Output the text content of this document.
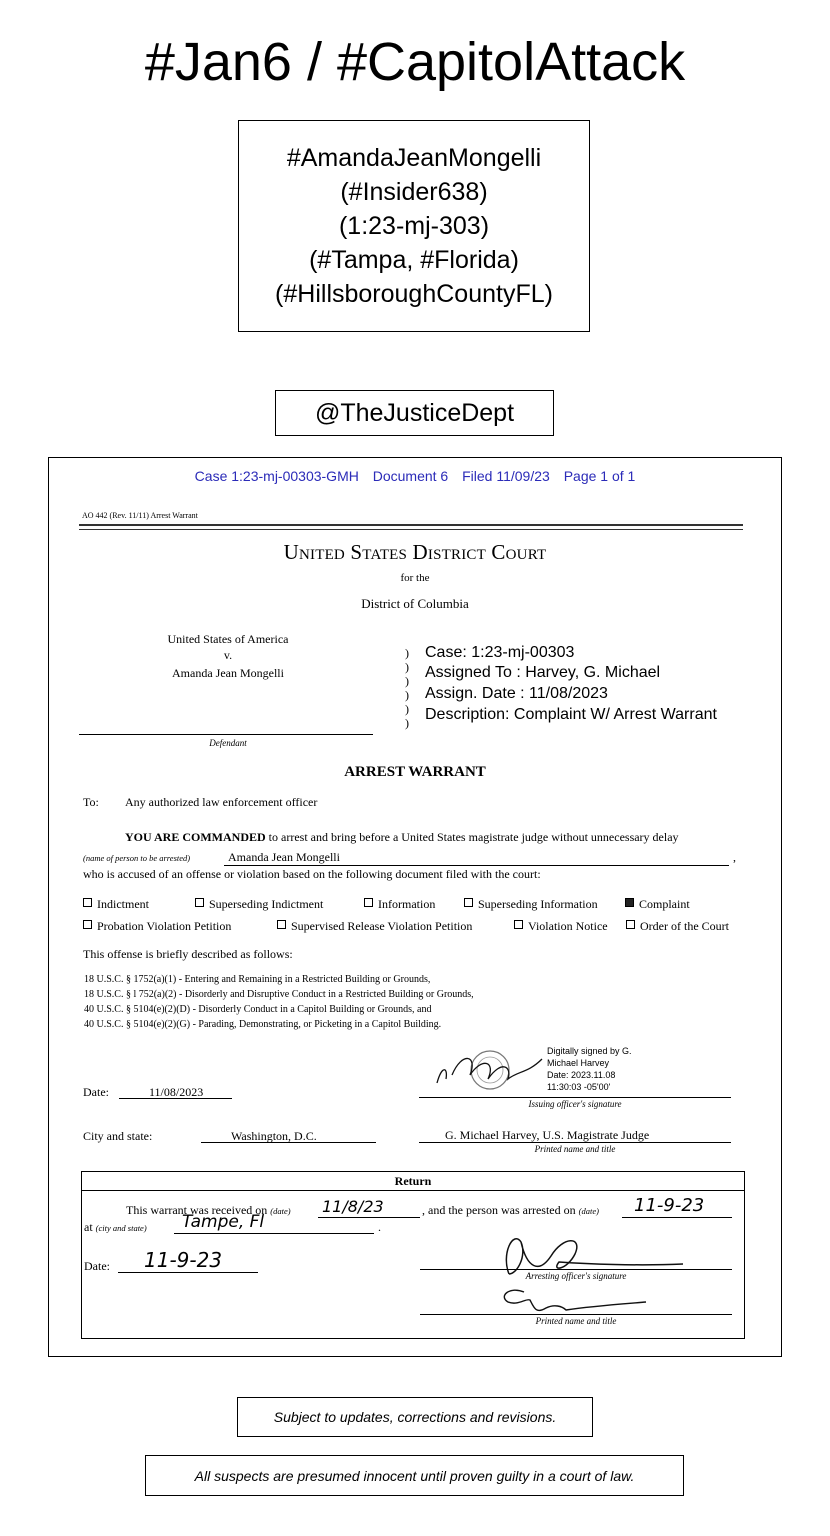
#Jan6 / #CapitolAttack
#AmandaJeanMongelli
(#Insider638)
(1:23-mj-303)
(#Tampa, #Florida)
(#HillsboroughCountyFL)
@TheJusticeDept
Case 1:23-mj-00303-GMH Document 6 Filed 11/09/23 Page 1 of 1
AO 442 (Rev. 11/11) Arrest Warrant
United States District Court
for the
District of Columbia
United States of America
v.
Amanda Jean Mongelli
Defendant
)
)
)
)
)
)
Case: 1:23-mj-00303
Assigned To : Harvey, G. Michael
Assign. Date : 11/08/2023
Description: Complaint W/ Arrest Warrant
ARREST WARRANT
To: Any authorized law enforcement officer
YOU ARE COMMANDED to arrest and bring before a United States magistrate judge without unnecessary delay
(name of person to be arrested)	Amanda Jean Mongelli	,
who is accused of an offense or violation based on the following document filed with the court:
Indictment	Superseding Indictment	Information	Superseding Information	Complaint
Probation Violation Petition	Supervised Release Violation Petition	Violation Notice	Order of the Court
This offense is briefly described as follows:
18 U.S.C. § 1752(a)(1) - Entering and Remaining in a Restricted Building or Grounds,
18 U.S.C. § l 752(a)(2) - Disorderly and Disruptive Conduct in a Restricted Building or Grounds,
40 U.S.C. § 5104(e)(2)(D) - Disorderly Conduct in a Capitol Building or Grounds, and
40 U.S.C. § 5104(e)(2)(G) - Parading, Demonstrating, or Picketing in a Capitol Building.
Digitally signed by G.
Michael Harvey
Date: 2023.11.08
11:30:03 -05'00'
Issuing officer's signature
Date:	11/08/2023
City and state:	Washington, D.C.	G. Michael Harvey, U.S. Magistrate Judge
Printed name and title
Return
This warrant was received on (date) 11/8/23	, and the person was arrested on (date) 11-9-23
at (city and state) Tampe, Fl	.
Date: 11-9-23
Arresting officer's signature
Printed name and title
Subject to updates, corrections and revisions.
All suspects are presumed innocent until proven guilty in a court of law.
